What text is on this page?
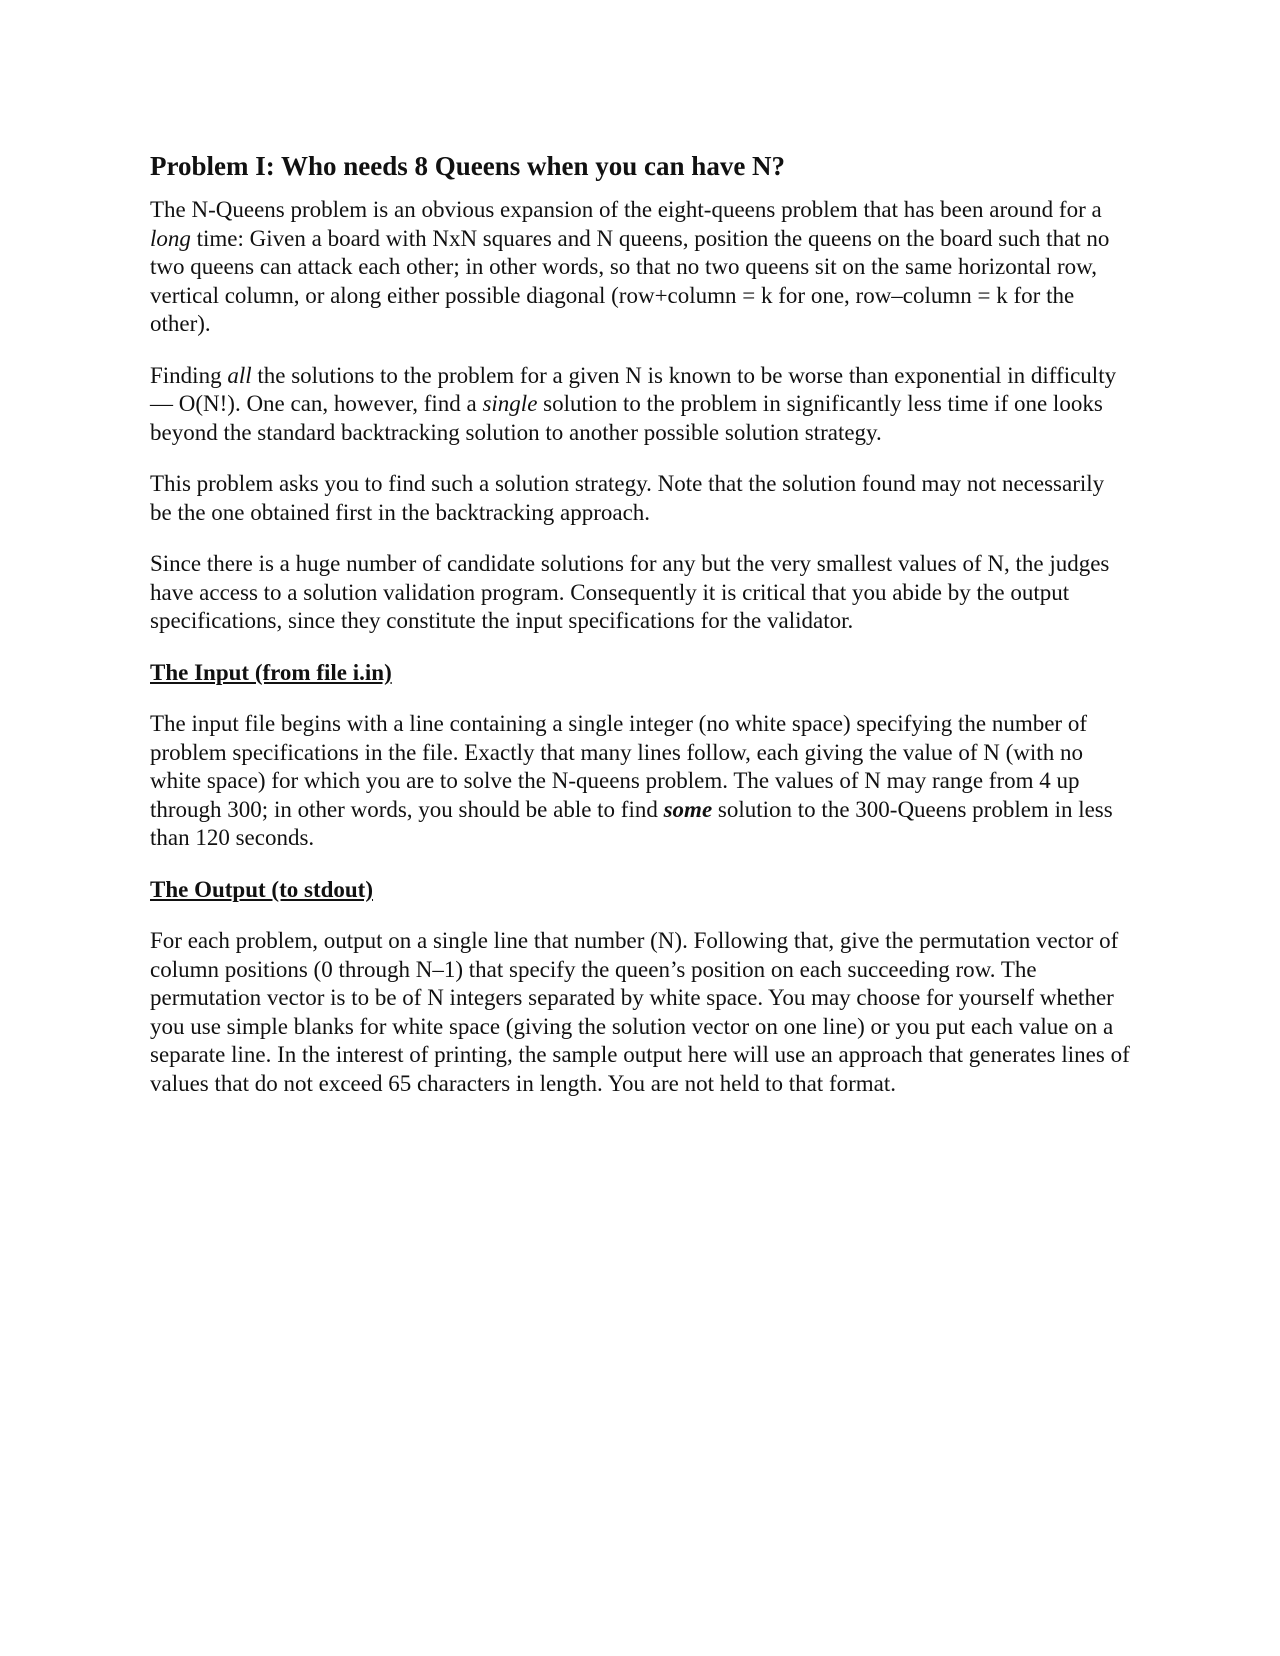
Problem I: Who needs 8 Queens when you can have N?

The N-Queens problem is an obvious expansion of the eight-queens problem that has been around for a long time: Given a board with NxN squares and N queens, position the queens on the board such that no two queens can attack each other; in other words, so that no two queens sit on the same horizontal row, vertical column, or along either possible diagonal (row+column = k for one, row–column = k for the other).

Finding all the solutions to the problem for a given N is known to be worse than exponential in difficulty — O(N!). One can, however, find a single solution to the problem in significantly less time if one looks beyond the standard backtracking solution to another possible solution strategy.

This problem asks you to find such a solution strategy. Note that the solution found may not necessarily be the one obtained first in the backtracking approach.

Since there is a huge number of candidate solutions for any but the very smallest values of N, the judges have access to a solution validation program. Consequently it is critical that you abide by the output specifications, since they constitute the input specifications for the validator.

The Input (from file i.in)

The input file begins with a line containing a single integer (no white space) specifying the number of problem specifications in the file. Exactly that many lines follow, each giving the value of N (with no white space) for which you are to solve the N-queens problem. The values of N may range from 4 up through 300; in other words, you should be able to find some solution to the 300-Queens problem in less than 120 seconds.

The Output (to stdout)

For each problem, output on a single line that number (N). Following that, give the permutation vector of column positions (0 through N–1) that specify the queen’s position on each succeeding row. The permutation vector is to be of N integers separated by white space. You may choose for yourself whether you use simple blanks for white space (giving the solution vector on one line) or you put each value on a separate line. In the interest of printing, the sample output here will use an approach that generates lines of values that do not exceed 65 characters in length. You are not held to that format.
